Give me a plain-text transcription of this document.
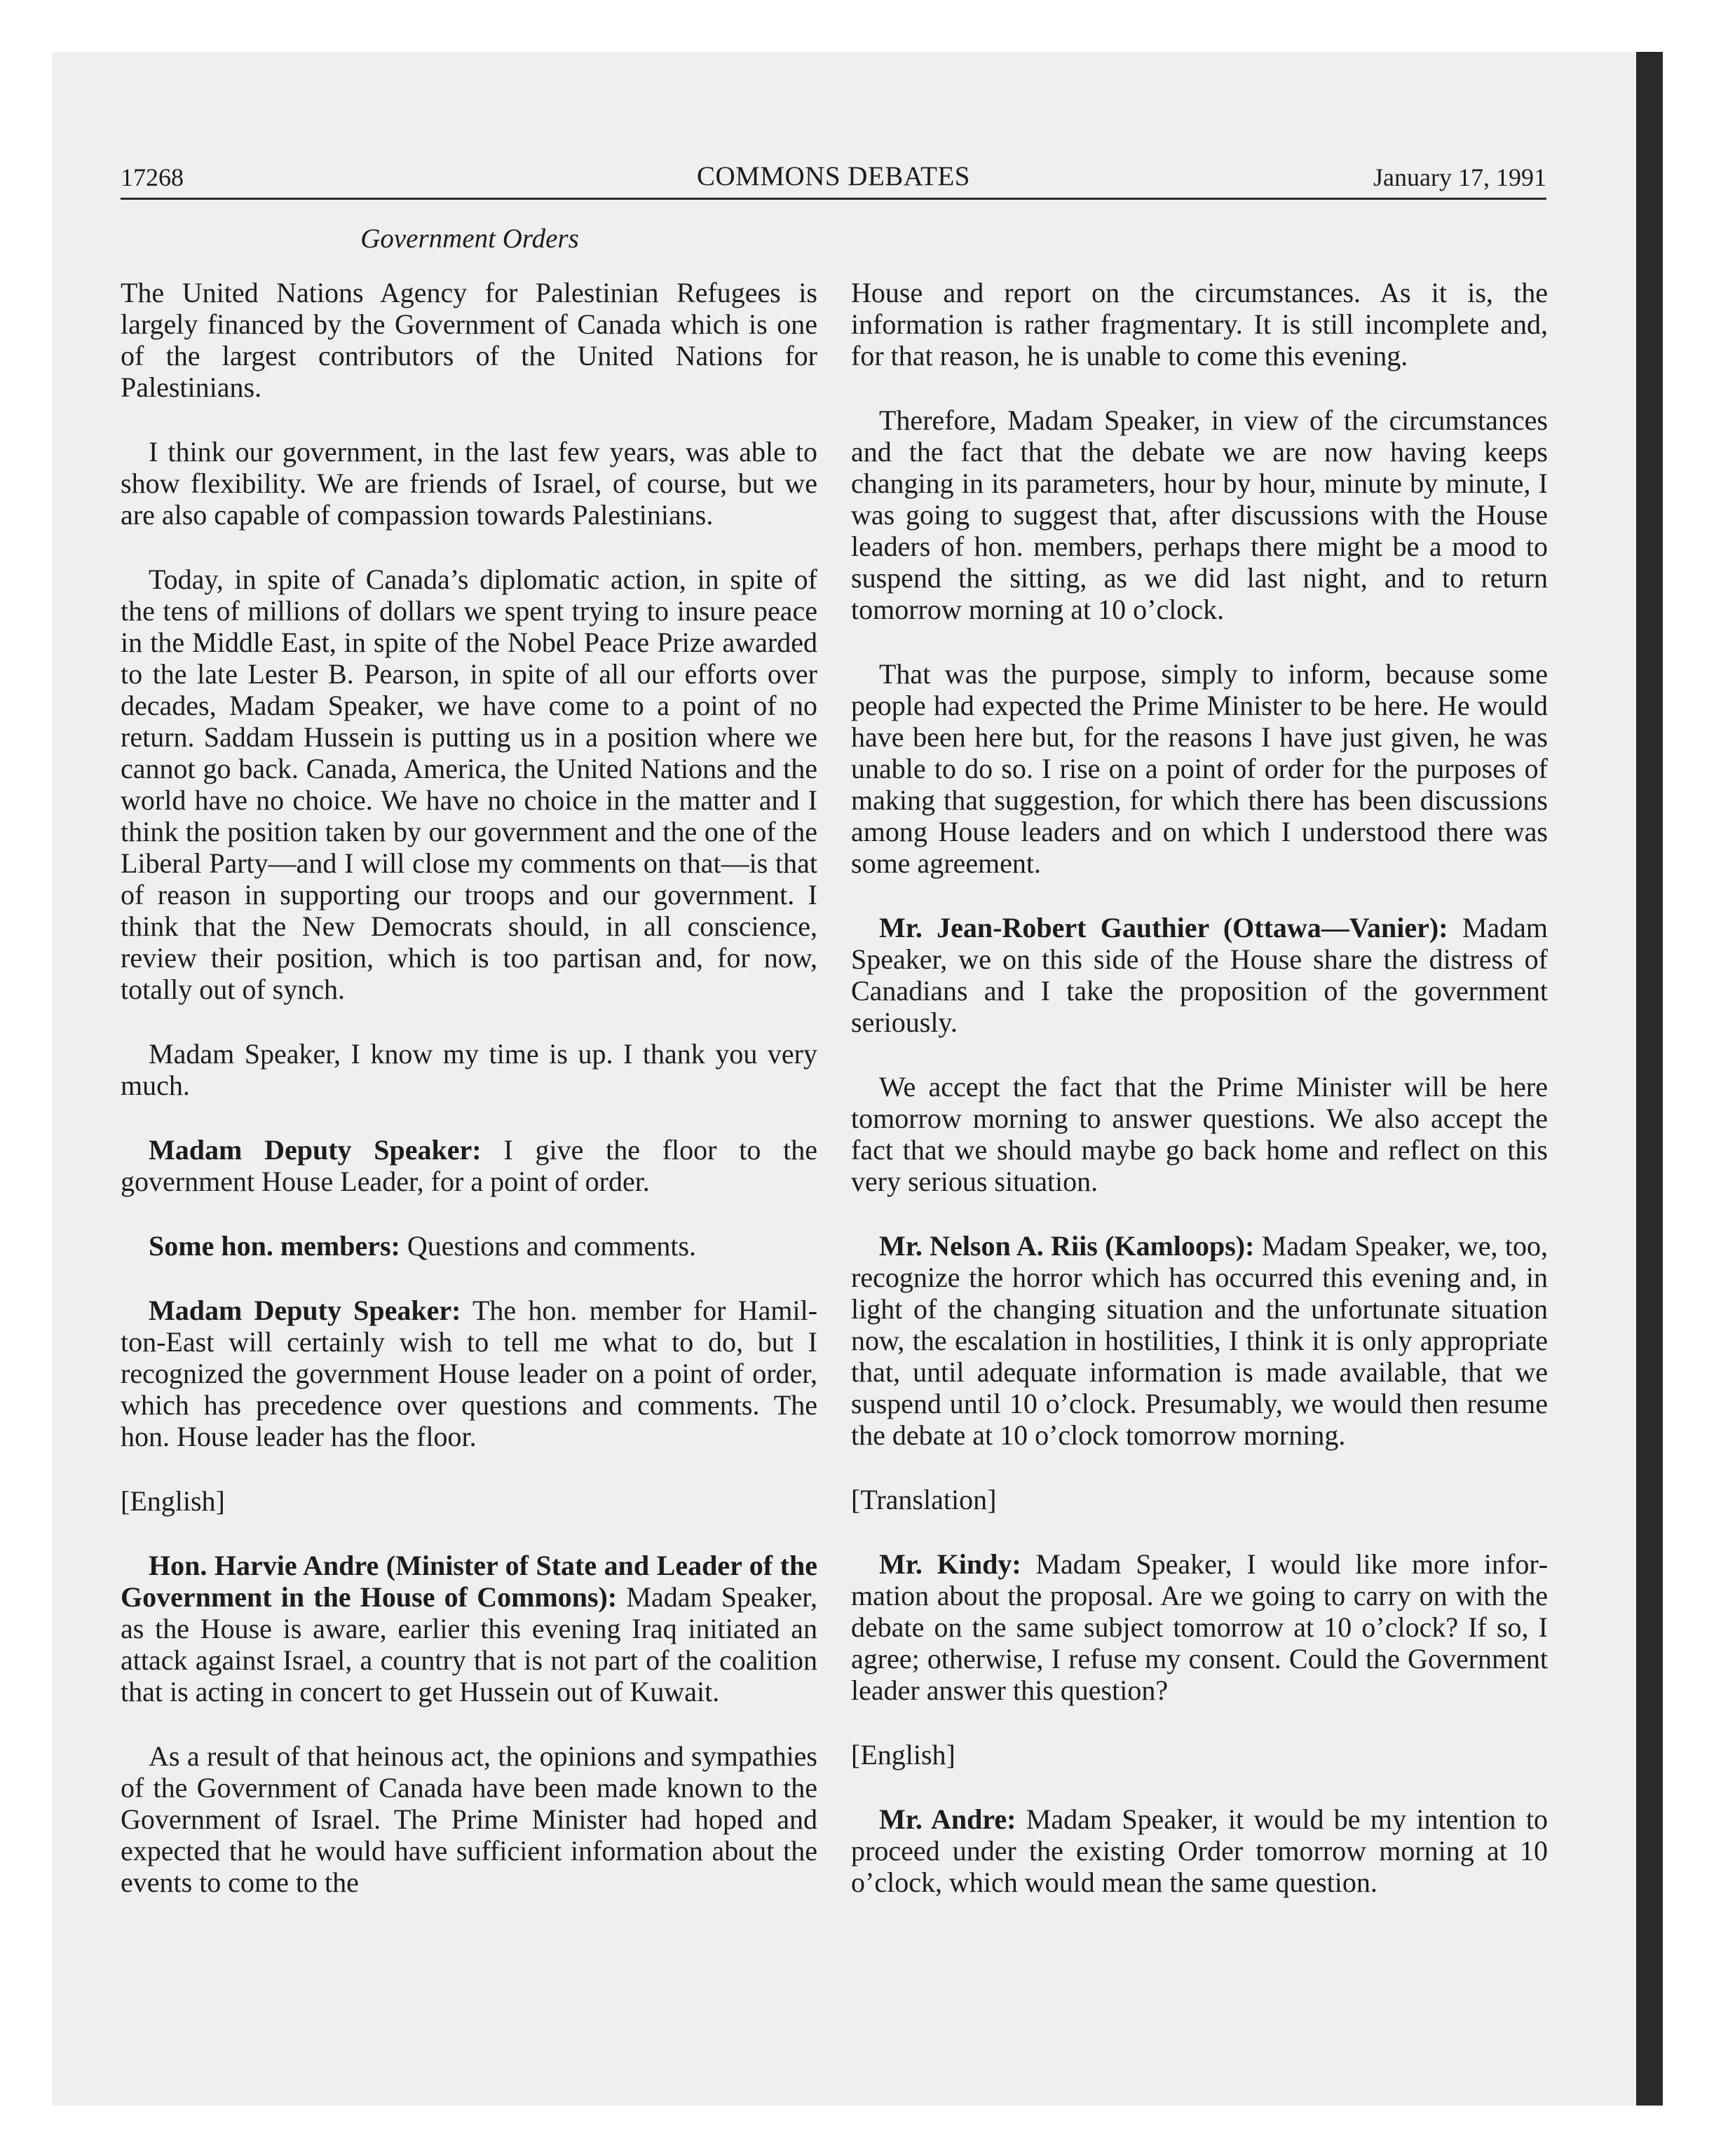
17268	COMMONS DEBATES	January 17, 1991
Government Orders

The United Nations Agency for Palestinian Refugees is largely financed by the Government of Canada which is one of the largest contributors of the United Nations for Palestinians.

I think our government, in the last few years, was able to show flexibility. We are friends of Israel, of course, but we are also capable of compassion towards Palestinians.

Today, in spite of Canada’s diplomatic action, in spite of the tens of millions of dollars we spent trying to insure peace in the Middle East, in spite of the Nobel Peace Prize awarded to the late Lester B. Pearson, in spite of all our efforts over decades, Madam Speaker, we have come to a point of no return. Saddam Hussein is putting us in a position where we cannot go back. Canada, America, the United Nations and the world have no choice. We have no choice in the matter and I think the position taken by our government and the one of the Liberal Party—and I will close my comments on that—is that of reason in supporting our troops and our government. I think that the New Democrats should, in all conscience, review their position, which is too partisan and, for now, totally out of synch.

Madam Speaker, I know my time is up. I thank you very much.

Madam Deputy Speaker: I give the floor to the government House Leader, for a point of order.

Some hon. members: Questions and comments.

Madam Deputy Speaker: The hon. member for Hamilton-East will certainly wish to tell me what to do, but I recognized the government House leader on a point of order, which has precedence over questions and comments. The hon. House leader has the floor.

[English]

Hon. Harvie Andre (Minister of State and Leader of the Government in the House of Commons): Madam Speaker, as the House is aware, earlier this evening Iraq initiated an attack against Israel, a country that is not part of the coalition that is acting in concert to get Hussein out of Kuwait.

As a result of that heinous act, the opinions and sympathies of the Government of Canada have been made known to the Government of Israel. The Prime Minister had hoped and expected that he would have sufficient information about the events to come to the

House and report on the circumstances. As it is, the information is rather fragmentary. It is still incomplete and, for that reason, he is unable to come this evening.

Therefore, Madam Speaker, in view of the circumstances and the fact that the debate we are now having keeps changing in its parameters, hour by hour, minute by minute, I was going to suggest that, after discussions with the House leaders of hon. members, perhaps there might be a mood to suspend the sitting, as we did last night, and to return tomorrow morning at 10 o’clock.

That was the purpose, simply to inform, because some people had expected the Prime Minister to be here. He would have been here but, for the reasons I have just given, he was unable to do so. I rise on a point of order for the purposes of making that suggestion, for which there has been discussions among House leaders and on which I understood there was some agreement.

Mr. Jean-Robert Gauthier (Ottawa—Vanier): Madam Speaker, we on this side of the House share the distress of Canadians and I take the proposition of the government seriously.

We accept the fact that the Prime Minister will be here tomorrow morning to answer questions. We also accept the fact that we should maybe go back home and reflect on this very serious situation.

Mr. Nelson A. Riis (Kamloops): Madam Speaker, we, too, recognize the horror which has occurred this evening and, in light of the changing situation and the unfortunate situation now, the escalation in hostilities, I think it is only appropriate that, until adequate information is made available, that we suspend until 10 o’clock. Presumably, we would then resume the debate at 10 o’clock tomorrow morning.

[Translation]

Mr. Kindy: Madam Speaker, I would like more information about the proposal. Are we going to carry on with the debate on the same subject tomorrow at 10 o’clock? If so, I agree; otherwise, I refuse my consent. Could the Government leader answer this question?

[English]

Mr. Andre: Madam Speaker, it would be my intention to proceed under the existing Order tomorrow morning at 10 o’clock, which would mean the same question.
